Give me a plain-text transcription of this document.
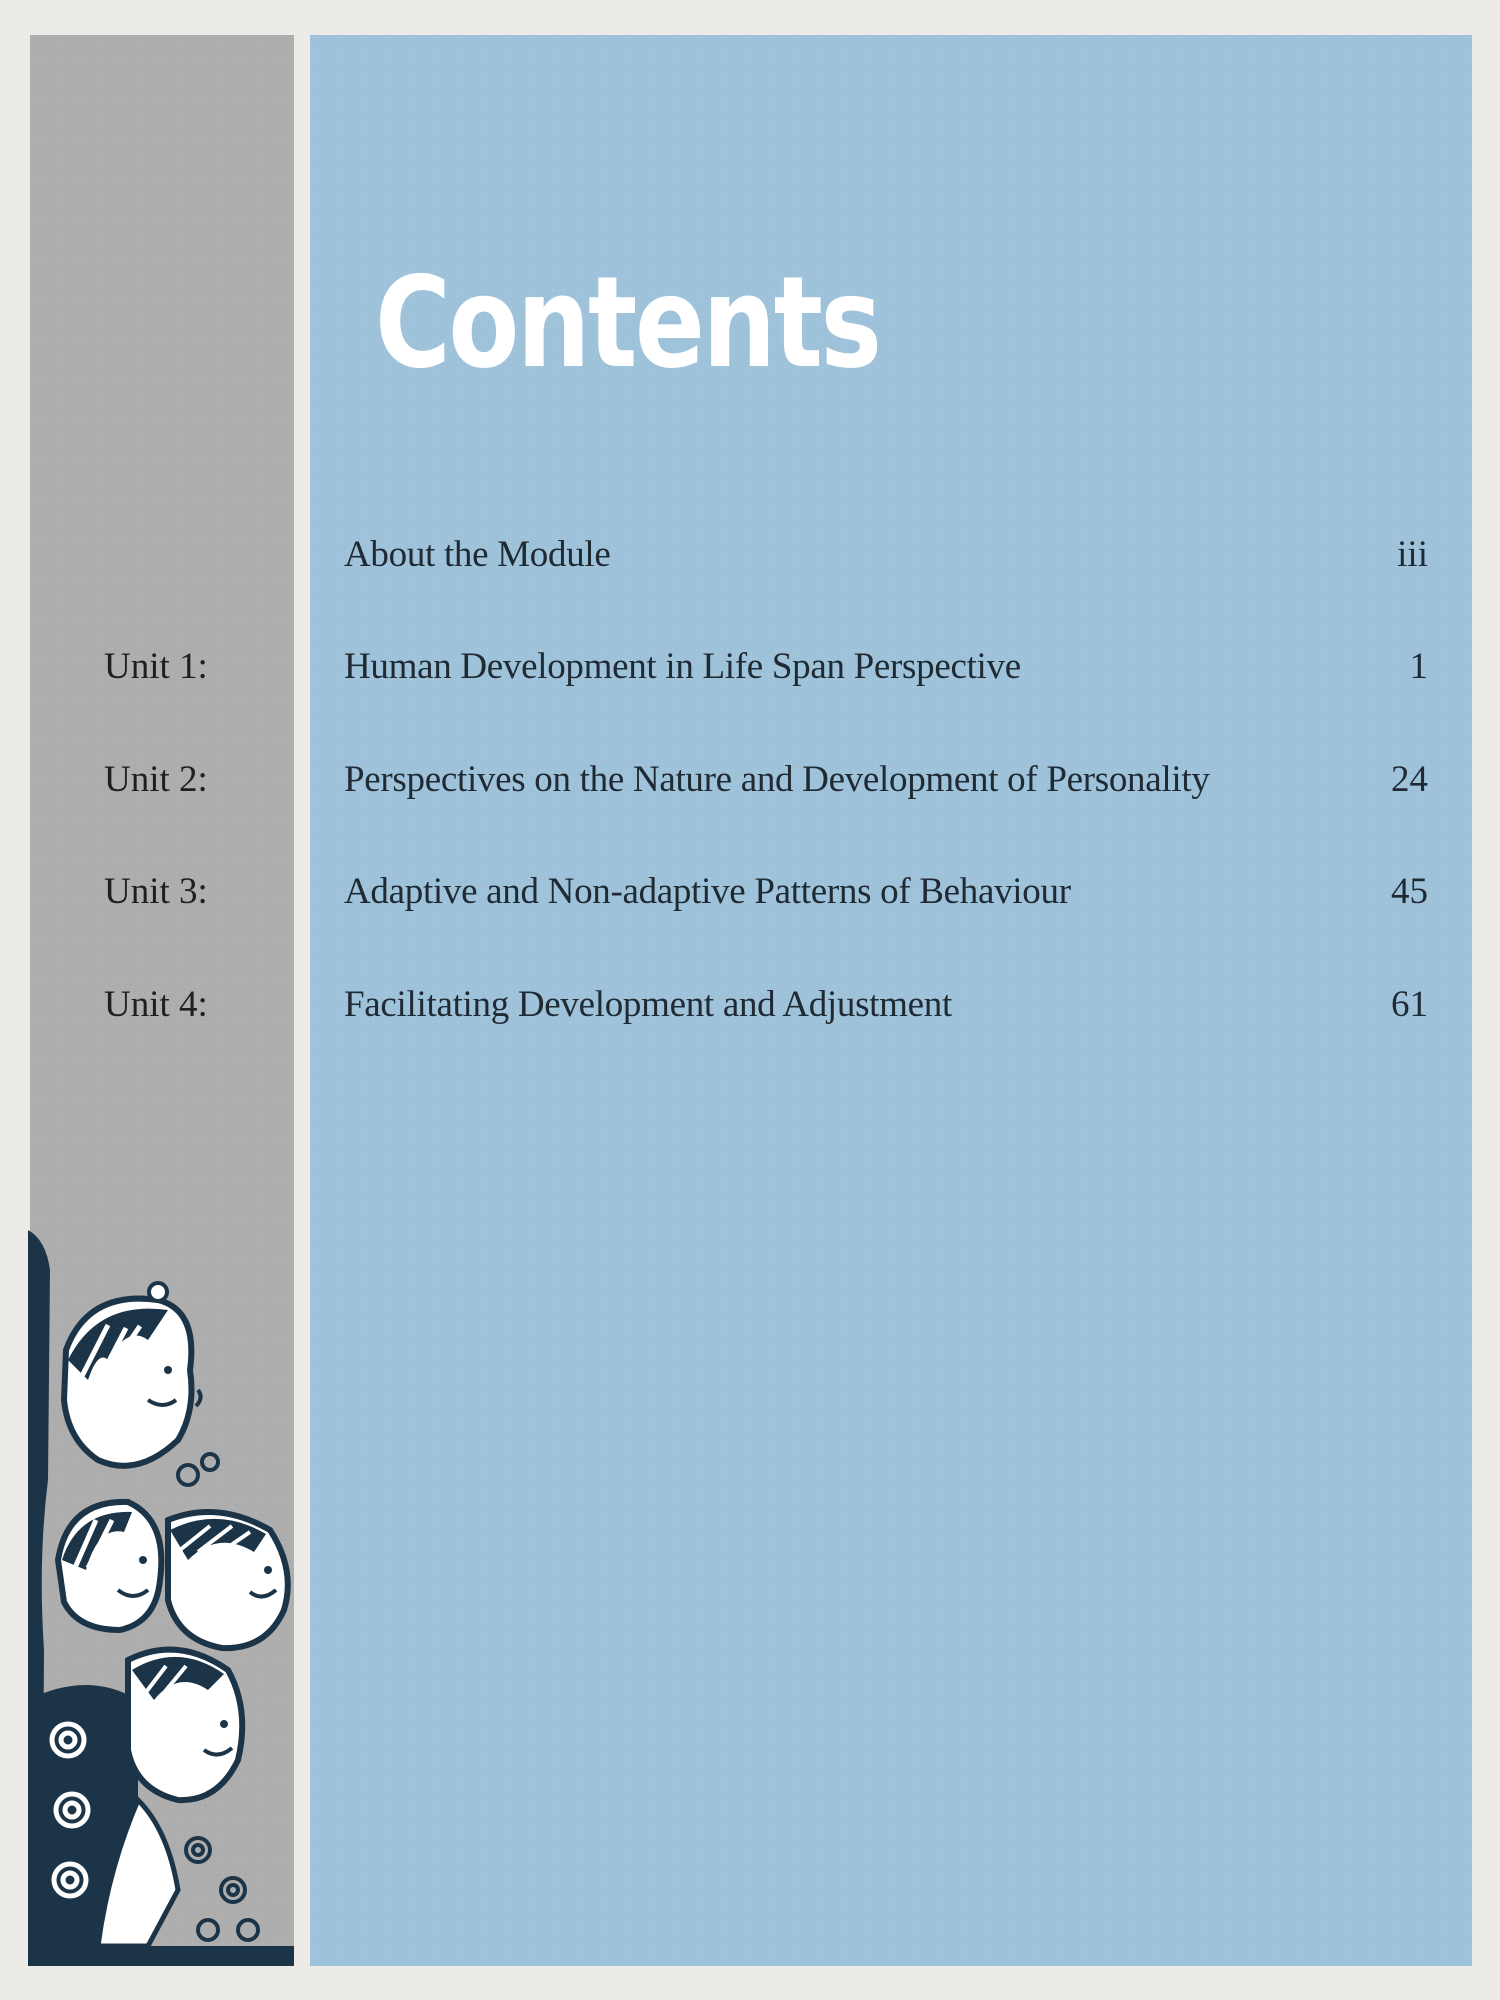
Contents
About the Module	iii
Unit 1:	Human Development in Life Span Perspective	1
Unit 2:	Perspectives on the Nature and Development of Personality	24
Unit 3:	Adaptive and Non-adaptive Patterns of Behaviour	45
Unit 4:	Facilitating Development and Adjustment	61
